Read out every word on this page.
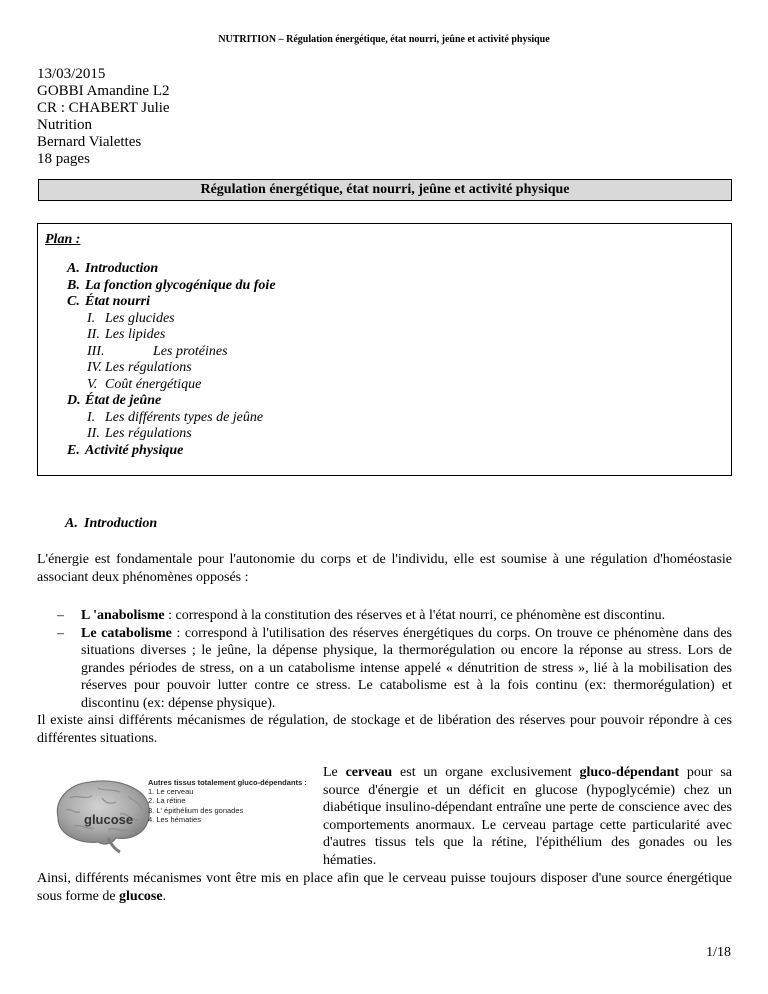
NUTRITION – Régulation énergétique, état nourri, jeûne et activité physique
13/03/2015
GOBBI Amandine L2
CR : CHABERT Julie
Nutrition
Bernard Vialettes
18 pages
Régulation énergétique, état nourri, jeûne et activité physique
Plan :
A. Introduction
B. La fonction glycogénique du foie
C. État nourri
I. Les glucides
II. Les lipides
III.	Les protéines
IV. Les régulations
V. Coût énergétique
D. État de jeûne
I. Les différents types de jeûne
II. Les régulations
E. Activité physique
A. Introduction
L'énergie est fondamentale pour l'autonomie du corps et de l'individu, elle est soumise à une régulation d'homéostasie associant deux phénomènes opposés :
– L 'anabolisme : correspond à la constitution des réserves et à l'état nourri, ce phénomène est discontinu.
– Le catabolisme : correspond à l'utilisation des réserves énergétiques du corps. On trouve ce phénomène dans des situations diverses ; le jeûne, la dépense physique, la thermorégulation ou encore la réponse au stress. Lors de grandes périodes de stress, on a un catabolisme intense appelé « dénutrition de stress », lié à la mobilisation des réserves pour pouvoir lutter contre ce stress. Le catabolisme est à la fois continu (ex: thermorégulation) et discontinu (ex: dépense physique).
Il existe ainsi différents mécanismes de régulation, de stockage et de libération des réserves pour pouvoir répondre à ces différentes situations.
glucose
Autres tissus totalement gluco-dépendants :
1. Le cerveau
2. La rétine
3. L' épithélium des gonades
4. Les hématies
Le cerveau est un organe exclusivement gluco-dépendant pour sa source d'énergie et un déficit en glucose (hypoglycémie) chez un diabétique insulino-dépendant entraîne une perte de conscience avec des comportements anormaux. Le cerveau partage cette particularité avec d'autres tissus tels que la rétine, l'épithélium des gonades ou les hématies.
Ainsi, différents mécanismes vont être mis en place afin que le cerveau puisse toujours disposer d'une source énergétique sous forme de glucose.
1/18
